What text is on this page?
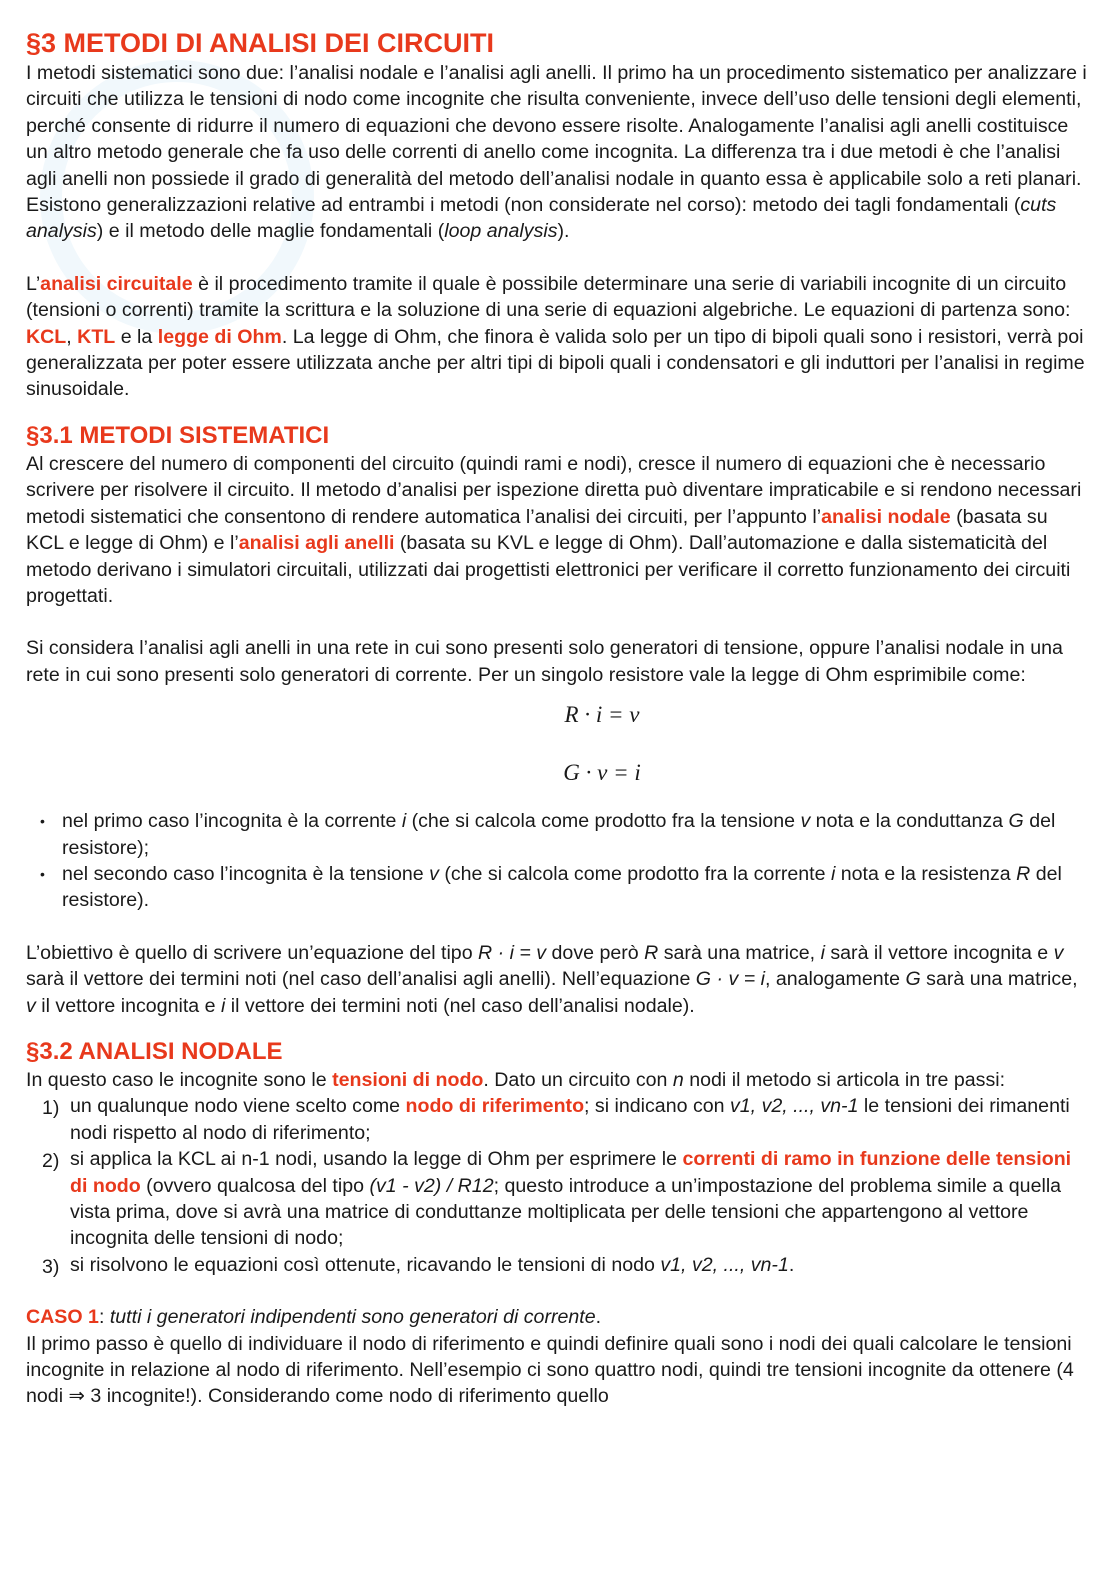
§3 METODI DI ANALISI DEI CIRCUITI

I metodi sistematici sono due: l’analisi nodale e l’analisi agli anelli. Il primo ha un procedimento sistematico per analizzare i circuiti che utilizza le tensioni di nodo come incognite che risulta conveniente, invece dell’uso delle tensioni degli elementi, perché consente di ridurre il numero di equazioni che devono essere risolte. Analogamente l’analisi agli anelli costituisce un altro metodo generale che fa uso delle correnti di anello come incognita. La differenza tra i due metodi è che l’analisi agli anelli non possiede il grado di generalità del metodo dell’analisi nodale in quanto essa è applicabile solo a reti planari. Esistono generalizzazioni relative ad entrambi i metodi (non considerate nel corso): metodo dei tagli fondamentali (cuts analysis) e il metodo delle maglie fondamentali (loop analysis).

L’analisi circuitale è il procedimento tramite il quale è possibile determinare una serie di variabili incognite di un circuito (tensioni o correnti) tramite la scrittura e la soluzione di una serie di equazioni algebriche. Le equazioni di partenza sono: KCL, KTL e la legge di Ohm. La legge di Ohm, che finora è valida solo per un tipo di bipoli quali sono i resistori, verrà poi generalizzata per poter essere utilizzata anche per altri tipi di bipoli quali i condensatori e gli induttori per l’analisi in regime sinusoidale.

§3.1 METODI SISTEMATICI

Al crescere del numero di componenti del circuito (quindi rami e nodi), cresce il numero di equazioni che è necessario scrivere per risolvere il circuito. Il metodo d’analisi per ispezione diretta può diventare impraticabile e si rendono necessari metodi sistematici che consentono di rendere automatica l’analisi dei circuiti, per l’appunto l’analisi nodale (basata su KCL e legge di Ohm) e l’analisi agli anelli (basata su KVL e legge di Ohm). Dall’automazione e dalla sistematicità del metodo derivano i simulatori circuitali, utilizzati dai progettisti elettronici per verificare il corretto funzionamento dei circuiti progettati.

Si considera l’analisi agli anelli in una rete in cui sono presenti solo generatori di tensione, oppure l’analisi nodale in una rete in cui sono presenti solo generatori di corrente. Per un singolo resistore vale la legge di Ohm esprimibile come:

R · i = v

G · v = i

• nel primo caso l’incognita è la corrente i (che si calcola come prodotto fra la tensione v nota e la conduttanza G del resistore);
• nel secondo caso l’incognita è la tensione v (che si calcola come prodotto fra la corrente i nota e la resistenza R del resistore).

L’obiettivo è quello di scrivere un’equazione del tipo R · i = v dove però R sarà una matrice, i sarà il vettore incognita e v sarà il vettore dei termini noti (nel caso dell’analisi agli anelli). Nell’equazione G · v = i, analogamente G sarà una matrice, v il vettore incognita e i il vettore dei termini noti (nel caso dell’analisi nodale).

§3.2 ANALISI NODALE

In questo caso le incognite sono le tensioni di nodo. Dato un circuito con n nodi il metodo si articola in tre passi:

1) un qualunque nodo viene scelto come nodo di riferimento; si indicano con v1, v2, ..., vn-1 le tensioni dei rimanenti nodi rispetto al nodo di riferimento;
2) si applica la KCL ai n-1 nodi, usando la legge di Ohm per esprimere le correnti di ramo in funzione delle tensioni di nodo (ovvero qualcosa del tipo (v1 - v2) / R12; questo introduce a un’impostazione del problema simile a quella vista prima, dove si avrà una matrice di conduttanze moltiplicata per delle tensioni che appartengono al vettore incognita delle tensioni di nodo;
3) si risolvono le equazioni così ottenute, ricavando le tensioni di nodo v1, v2, ..., vn-1.

CASO 1: tutti i generatori indipendenti sono generatori di corrente.

Il primo passo è quello di individuare il nodo di riferimento e quindi definire quali sono i nodi dei quali calcolare le tensioni incognite in relazione al nodo di riferimento. Nell’esempio ci sono quattro nodi, quindi tre tensioni incognite da ottenere (4 nodi ⇒ 3 incognite!). Considerando come nodo di riferimento quello
